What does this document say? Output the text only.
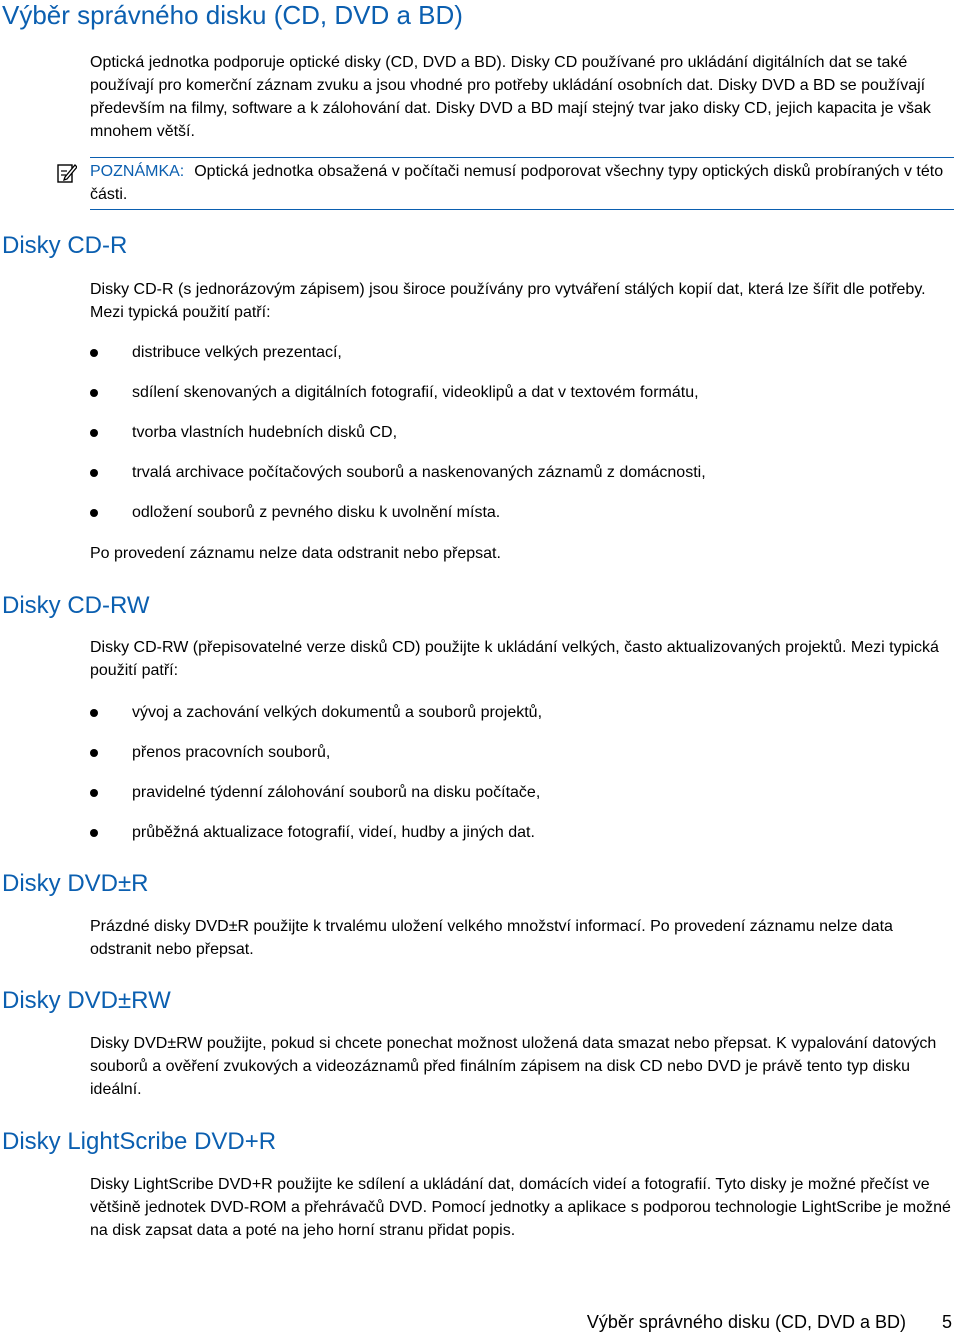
Výběr správného disku (CD, DVD a BD)

Optická jednotka podporuje optické disky (CD, DVD a BD). Disky CD používané pro ukládání digitálních dat se také používají pro komerční záznam zvuku a jsou vhodné pro potřeby ukládání osobních dat. Disky DVD a BD se používají především na filmy, software a k zálohování dat. Disky DVD a BD mají stejný tvar jako disky CD, jejich kapacita je však mnohem větší.

POZNÁMKA: Optická jednotka obsažená v počítači nemusí podporovat všechny typy optických disků probíraných v této části.
Disky CD-R

Disky CD-R (s jednorázovým zápisem) jsou široce používány pro vytváření stálých kopií dat, která lze šířit dle potřeby. Mezi typická použití patří:

distribuce velkých prezentací,
sdílení skenovaných a digitálních fotografií, videoklipů a dat v textovém formátu,
tvorba vlastních hudebních disků CD,
trvalá archivace počítačových souborů a naskenovaných záznamů z domácnosti,
odložení souborů z pevného disku k uvolnění místa.

Po provedení záznamu nelze data odstranit nebo přepsat.

Disky CD-RW

Disky CD-RW (přepisovatelné verze disků CD) použijte k ukládání velkých, často aktualizovaných projektů. Mezi typická použití patří:

vývoj a zachování velkých dokumentů a souborů projektů,
přenos pracovních souborů,
pravidelné týdenní zálohování souborů na disku počítače,
průběžná aktualizace fotografií, videí, hudby a jiných dat.
Disky DVD±R

Prázdné disky DVD±R použijte k trvalému uložení velkého množství informací. Po provedení záznamu nelze data odstranit nebo přepsat.

Disky DVD±RW

Disky DVD±RW použijte, pokud si chcete ponechat možnost uložená data smazat nebo přepsat. K vypalování datových souborů a ověření zvukových a videozáznamů před finálním zápisem na disk CD nebo DVD je právě tento typ disku ideální.

Disky LightScribe DVD+R

Disky LightScribe DVD+R použijte ke sdílení a ukládání dat, domácích videí a fotografií. Tyto disky je možné přečíst ve většině jednotek DVD-ROM a přehrávačů DVD. Pomocí jednotky a aplikace s podporou technologie LightScribe je možné na disk zapsat data a poté na jeho horní stranu přidat popis.

Výběr správného disku (CD, DVD a BD) 5
